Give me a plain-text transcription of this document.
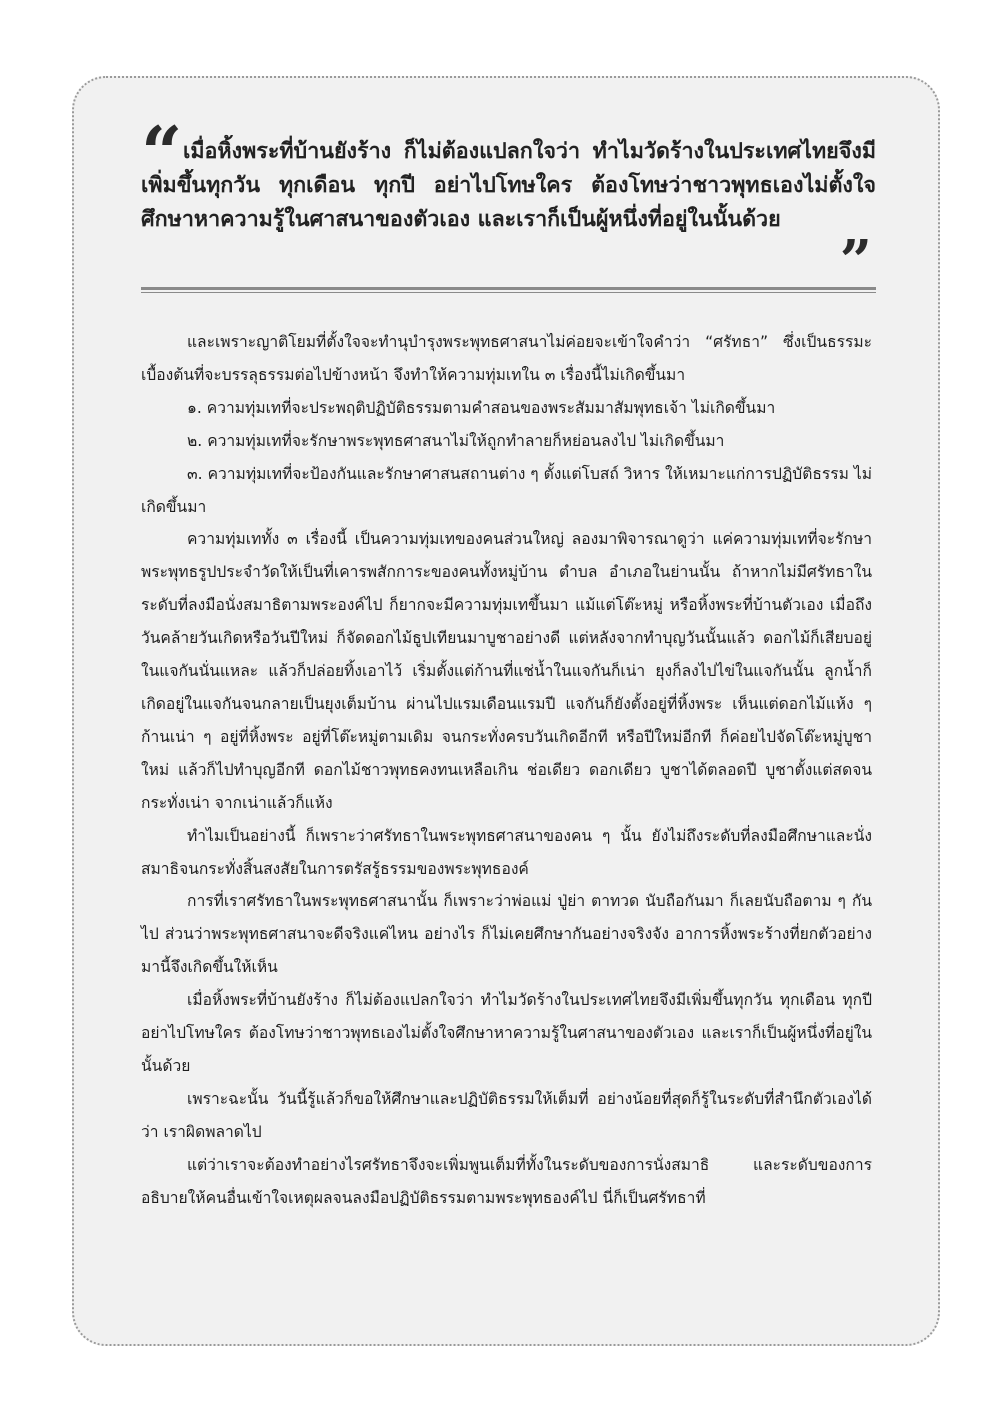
“ เมื่อหิ้งพระที่บ้านยังร้าง ก็ไม่ต้องแปลกใจว่า ทำไมวัดร้างในประเทศไทยจึงมีเพิ่มขึ้นทุกวัน ทุกเดือน ทุกปี อย่าไปโทษใคร ต้องโทษว่าชาวพุทธเองไม่ตั้งใจศึกษาหาความรู้ในศาสนาของตัวเอง และเราก็เป็นผู้หนึ่งที่อยู่ในนั้นด้วย

”

และเพราะญาติโยมที่ตั้งใจจะทำนุบำรุงพระพุทธศาสนาไม่ค่อยจะเข้าใจคำว่า “ศรัทธา” ซึ่งเป็นธรรมะเบื้องต้นที่จะบรรลุธรรมต่อไปข้างหน้า จึงทำให้ความทุ่มเทใน ๓ เรื่องนี้ไม่เกิดขึ้นมา

๑. ความทุ่มเทที่จะประพฤติปฏิบัติธรรมตามคำสอนของพระสัมมาสัมพุทธเจ้า ไม่เกิดขึ้นมา

๒. ความทุ่มเทที่จะรักษาพระพุทธศาสนาไม่ให้ถูกทำลายก็หย่อนลงไป ไม่เกิดขึ้นมา

๓. ความทุ่มเทที่จะป้องกันและรักษาศาสนสถานต่าง ๆ ตั้งแต่โบสถ์ วิหาร ให้เหมาะแก่การปฏิบัติธรรม ไม่เกิดขึ้นมา

ความทุ่มเททั้ง ๓ เรื่องนี้ เป็นความทุ่มเทของคนส่วนใหญ่ ลองมาพิจารณาดูว่า แค่ความทุ่มเทที่จะรักษาพระพุทธรูปประจำวัดให้เป็นที่เคารพสักการะของคนทั้งหมู่บ้าน ตำบล อำเภอในย่านนั้น ถ้าหากไม่มีศรัทธาในระดับที่ลงมือนั่งสมาธิตามพระองค์ไป ก็ยากจะมีความทุ่มเทขึ้นมา แม้แต่โต๊ะหมู่ หรือหิ้งพระที่บ้านตัวเอง เมื่อถึงวันคล้ายวันเกิดหรือวันปีใหม่ ก็จัดดอกไม้ธูปเทียนมาบูชาอย่างดี แต่หลังจากทำบุญวันนั้นแล้ว ดอกไม้ก็เสียบอยู่ในแจกันนั่นแหละ แล้วก็ปล่อยทิ้งเอาไว้ เริ่มตั้งแต่ก้านที่แช่น้ำในแจกันก็เน่า ยุงก็ลงไปไข่ในแจกันนั้น ลูกน้ำก็เกิดอยู่ในแจกันจนกลายเป็นยุงเต็มบ้าน ผ่านไปแรมเดือนแรมปี แจกันก็ยังตั้งอยู่ที่หิ้งพระ เห็นแต่ดอกไม้แห้ง ๆ ก้านเน่า ๆ อยู่ที่หิ้งพระ อยู่ที่โต๊ะหมู่ตามเดิม จนกระทั่งครบวันเกิดอีกที หรือปีใหม่อีกที ก็ค่อยไปจัดโต๊ะหมู่บูชาใหม่ แล้วก็ไปทำบุญอีกที ดอกไม้ชาวพุทธคงทนเหลือเกิน ช่อเดียว ดอกเดียว บูชาได้ตลอดปี บูชาตั้งแต่สดจนกระทั่งเน่า จากเน่าแล้วก็แห้ง

ทำไมเป็นอย่างนี้ ก็เพราะว่าศรัทธาในพระพุทธศาสนาของคน ๆ นั้น ยังไม่ถึงระดับที่ลงมือศึกษาและนั่งสมาธิจนกระทั่งสิ้นสงสัยในการตรัสรู้ธรรมของพระพุทธองค์

การที่เราศรัทธาในพระพุทธศาสนานั้น ก็เพราะว่าพ่อแม่ ปู่ย่า ตาทวด นับถือกันมา ก็เลยนับถือตาม ๆ กันไป ส่วนว่าพระพุทธศาสนาจะดีจริงแค่ไหน อย่างไร ก็ไม่เคยศึกษากันอย่างจริงจัง อาการหิ้งพระร้างที่ยกตัวอย่างมานี้จึงเกิดขึ้นให้เห็น

เมื่อหิ้งพระที่บ้านยังร้าง ก็ไม่ต้องแปลกใจว่า ทำไมวัดร้างในประเทศไทยจึงมีเพิ่มขึ้นทุกวัน ทุกเดือน ทุกปี อย่าไปโทษใคร ต้องโทษว่าชาวพุทธเองไม่ตั้งใจศึกษาหาความรู้ในศาสนาของตัวเอง และเราก็เป็นผู้หนึ่งที่อยู่ในนั้นด้วย

เพราะฉะนั้น วันนี้รู้แล้วก็ขอให้ศึกษาและปฏิบัติธรรมให้เต็มที่ อย่างน้อยที่สุดก็รู้ในระดับที่สำนึกตัวเองได้ว่า เราผิดพลาดไป

แต่ว่าเราจะต้องทำอย่างไรศรัทธาจึงจะเพิ่มพูนเต็มที่ทั้งในระดับของการนั่งสมาธิ และระดับของการอธิบายให้คนอื่นเข้าใจเหตุผลจนลงมือปฏิบัติธรรมตามพระพุทธองค์ไป นี่ก็เป็นศรัทธาที่
